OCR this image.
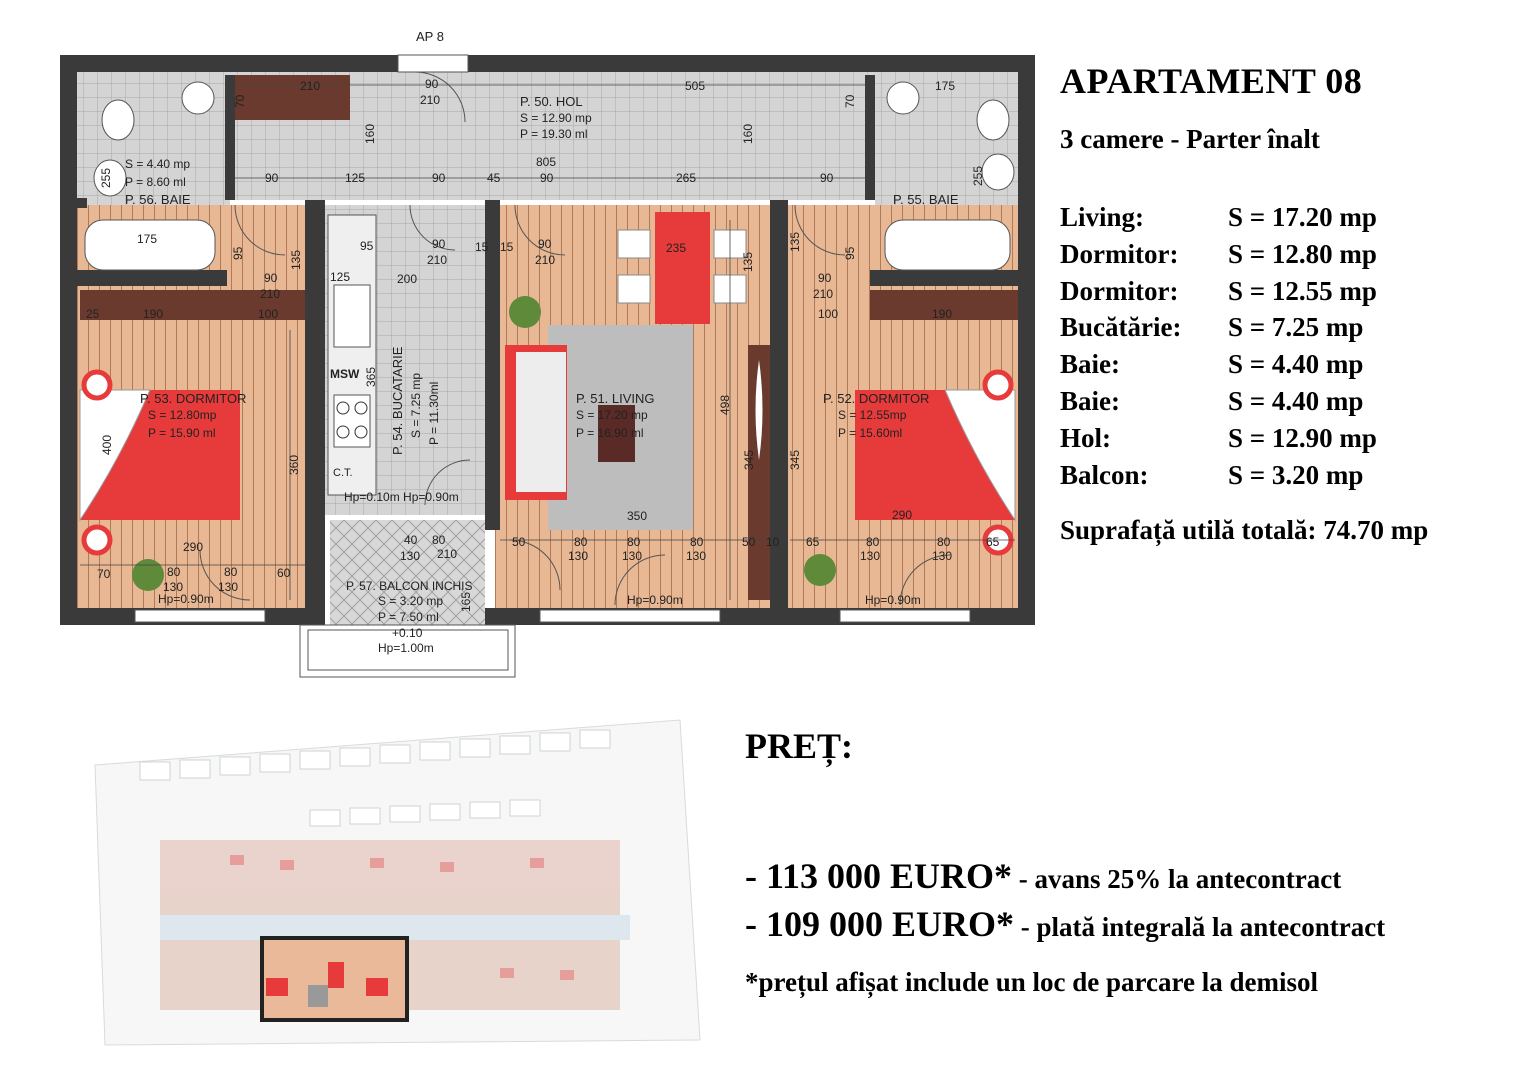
AP 8
P. 50. HOL
S = 12.90 mp
P = 19.30 ml
S = 4.40 mp
P = 8.60 ml
P. 56. BAIE	P. 55. BAIE
P. 51. LIVING
S = 17.20 mp
P = 16.90 ml
P. 53. DORMITOR
S = 12.80mp
P = 15.90 ml
P. 52. DORMITOR
S = 12.55mp
P = 15.60ml
P. 54. BUCATARIE S = 7.25 mp P = 11.30ml
P. 57. BALCON INCHIS
S = 3.20 mp
P = 7.50 ml
+0.10
Hp=1.00m
MSW
C.T.
Hp=0.10m Hp=0.90m
Hp=0.90m	Hp=0.90m	Hp=0.90m
210	90
210
505	175
805
90	125	90	45	90	265	90
175	95	90
210
15 15 90
210
235
125	200
90
210
100
25	190
90
210
100	190
350
290
290
40 80
130 210
50	80
130
80
130
80
130
50 10 65	80
130
80
130
65
70	80
130
80
130
60
70
160	160
70
255	255
95	135	135
135
95
365
400
360
498
345	345
165
APARTAMENT 08
3 camere - Parter înalt
Living:	S = 17.20 mp
Dormitor:	S = 12.80 mp
Dormitor:	S = 12.55 mp
Bucătărie:	S = 7.25 mp
Baie:	S = 4.40 mp
Baie:	S = 4.40 mp
Hol:	S = 12.90 mp
Balcon:	S = 3.20 mp
Suprafață utilă totală: 74.70 mp
PREȚ:
- 113 000 EURO* - avans 25% la antecontract
- 109 000 EURO* - plată integrală la antecontract
*prețul afișat include un loc de parcare la demisol
